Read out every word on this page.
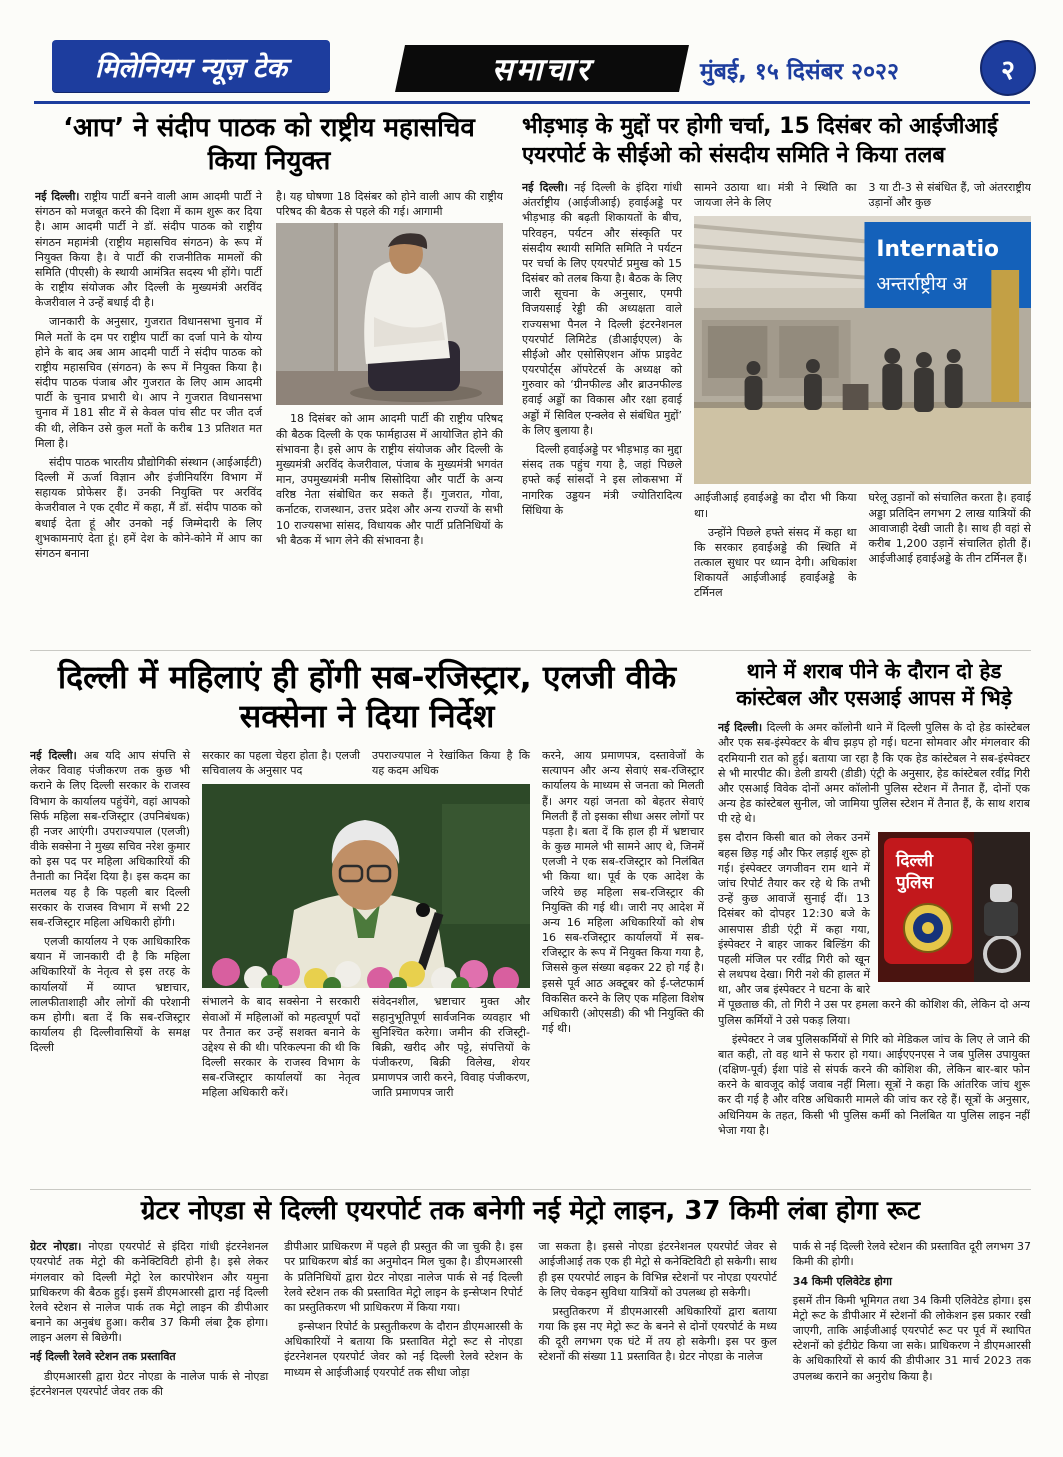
मिलेनियम न्यूज़ टेक	समाचार	मुंबई, १५ दिसंबर २०२२	२
‘आप’ ने संदीप पाठक को राष्ट्रीय महासचिव किया नियुक्त

नई दिल्ली। राष्ट्रीय पार्टी बनने वाली आम आदमी पार्टी ने संगठन को मजबूत करने की दिशा में काम शुरू कर दिया है। आम आदमी पार्टी ने डॉ. संदीप पाठक को राष्ट्रीय संगठन महामंत्री (राष्ट्रीय महासचिव संगठन) के रूप में नियुक्त किया है। वे पार्टी की राजनीतिक मामलों की समिति (पीएसी) के स्थायी आमंत्रित सदस्य भी होंगे। पार्टी के राष्ट्रीय संयोजक और दिल्ली के मुख्यमंत्री अरविंद केजरीवाल ने उन्हें बधाई दी है।

जानकारी के अनुसार, गुजरात विधानसभा चुनाव में मिले मतों के दम पर राष्ट्रीय पार्टी का दर्जा पाने के योग्य होने के बाद अब आम आदमी पार्टी ने संदीप पाठक को राष्ट्रीय महासचिव (संगठन) के रूप में नियुक्त किया है। संदीप पाठक पंजाब और गुजरात के लिए आम आदमी पार्टी के चुनाव प्रभारी थे। आप ने गुजरात विधानसभा चुनाव में 181 सीट में से केवल पांच सीट पर जीत दर्ज की थी, लेकिन उसे कुल मतों के करीब 13 प्रतिशत मत मिला है।

संदीप पाठक भारतीय प्रौद्योगिकी संस्थान (आईआईटी) दिल्ली में ऊर्जा विज्ञान और इंजीनियरिंग विभाग में सहायक प्रोफेसर हैं। उनकी नियुक्ति पर अरविंद केजरीवाल ने एक ट्वीट में कहा, मैं डॉ. संदीप पाठक को बधाई देता हूं और उनको नई जिम्मेदारी के लिए शुभकामनाएं देता हूं। हमें देश के कोने-कोने में आप का संगठन बनाना

है। यह घोषणा 18 दिसंबर को होने वाली आप की राष्ट्रीय परिषद की बैठक से पहले की गई। आगामी

18 दिसंबर को आम आदमी पार्टी की राष्ट्रीय परिषद की बैठक दिल्ली के एक फार्महाउस में आयोजित होने की संभावना है। इसे आप के राष्ट्रीय संयोजक और दिल्ली के मुख्यमंत्री अरविंद केजरीवाल, पंजाब के मुख्यमंत्री भगवंत मान, उपमुख्यमंत्री मनीष सिसोदिया और पार्टी के अन्य वरिष्ठ नेता संबोधित कर सकते हैं। गुजरात, गोवा, कर्नाटक, राजस्थान, उत्तर प्रदेश और अन्य राज्यों के सभी 10 राज्यसभा सांसद, विधायक और पार्टी प्रतिनिधियों के भी बैठक में भाग लेने की संभावना है।

भीड़भाड़ के मुद्दों पर होगी चर्चा, 15 दिसंबर को आईजीआई एयरपोर्ट के सीईओ को संसदीय समिति ने किया तलब

नई दिल्ली। नई दिल्ली के इंदिरा गांधी अंतर्राष्ट्रीय (आईजीआई) हवाईअड्डे पर भीड़भाड़ की बढ़ती शिकायतों के बीच, परिवहन, पर्यटन और संस्कृति पर संसदीय स्थायी समिति समिति ने पर्यटन पर चर्चा के लिए एयरपोर्ट प्रमुख को 15 दिसंबर को तलब किया है। बैठक के लिए जारी सूचना के अनुसार, एमपी विजयसाई रेड्डी की अध्यक्षता वाले राज्यसभा पैनल ने दिल्ली इंटरनेशनल एयरपोर्ट लिमिटेड (डीआईएएल) के सीईओ और एसोसिएशन ऑफ प्राइवेट एयरपोर्ट्स ऑपरेटर्स के अध्यक्ष को गुरुवार को ‘ग्रीनफील्ड और ब्राउनफील्ड हवाई अड्डों का विकास और रक्षा हवाई अड्डों में सिविल एन्क्लेव से संबंधित मुद्दों’ के लिए बुलाया है।

दिल्ली हवाईअड्डे पर भीड़भाड़ का मुद्दा संसद तक पहुंच गया है, जहां पिछले हफ्ते कई सांसदों ने इस लोकसभा में नागरिक उड्डयन मंत्री ज्योतिरादित्य सिंधिया के

सामने उठाया था। मंत्री ने स्थिति का जायजा लेने के लिए

3 या टी-3 से संबंधित हैं, जो अंतरराष्ट्रीय उड़ानों और कुछ

Internatio
अन्तर्राष्ट्रीय अ

आईजीआई हवाईअड्डे का दौरा भी किया था।

उन्होंने पिछले हफ्ते संसद में कहा था कि सरकार हवाईअड्डे की स्थिति में तत्काल सुधार पर ध्यान देगी। अधिकांश शिकायतें आईजीआई हवाईअड्डे के टर्मिनल

घरेलू उड़ानों को संचालित करता है। हवाई अड्डा प्रतिदिन लगभग 2 लाख यात्रियों की आवाजाही देखी जाती है। साथ ही वहां से करीब 1,200 उड़ानें संचालित होती हैं। आईजीआई हवाईअड्डे के तीन टर्मिनल हैं।

दिल्ली में महिलाएं ही होंगी सब-रजिस्ट्रार, एलजी वीके सक्सेना ने दिया निर्देश

नई दिल्ली। अब यदि आप संपत्ति से लेकर विवाह पंजीकरण तक कुछ भी कराने के लिए दिल्ली सरकार के राजस्व विभाग के कार्यालय पहुंचेंगे, वहां आपको सिर्फ महिला सब-रजिस्ट्रार (उपनिबंधक) ही नजर आएंगी। उपराज्यपाल (एलजी) वीके सक्सेना ने मुख्य सचिव नरेश कुमार को इस पद पर महिला अधिकारियों की तैनाती का निर्देश दिया है। इस कदम का मतलब यह है कि पहली बार दिल्ली सरकार के राजस्व विभाग में सभी 22 सब-रजिस्ट्रार महिला अधिकारी होंगी।

एलजी कार्यालय ने एक आधिकारिक बयान में जानकारी दी है कि महिला अधिकारियों के नेतृत्व से इस तरह के कार्यालयों में व्याप्त भ्रष्टाचार, लालफीताशाही और लोगों की परेशानी कम होगी। बता दें कि सब-रजिस्ट्रार कार्यालय ही दिल्लीवासियों के समक्ष दिल्ली

सरकार का पहला चेहरा होता है। एलजी सचिवालय के अनुसार पद

उपराज्यपाल ने रेखांकित किया है कि यह कदम अधिक

संभालने के बाद सक्सेना ने सरकारी सेवाओं में महिलाओं को महत्वपूर्ण पदों पर तैनात कर उन्हें सशक्त बनाने के उद्देश्य से की थी। परिकल्पना की थी कि दिल्ली सरकार के राजस्व विभाग के सब-रजिस्ट्रार कार्यालयों का नेतृत्व महिला अधिकारी करें।

संवेदनशील, भ्रष्टाचार मुक्त और सहानुभूतिपूर्ण सार्वजनिक व्यवहार भी सुनिश्चित करेगा। जमीन की रजिस्ट्री-बिक्री, खरीद और पट्टे, संपत्तियों के पंजीकरण, बिक्री विलेख, शेयर प्रमाणपत्र जारी करने, विवाह पंजीकरण, जाति प्रमाणपत्र जारी

करने, आय प्रमाणपत्र, दस्तावेजों के सत्यापन और अन्य सेवाएं सब-रजिस्ट्रार कार्यालय के माध्यम से जनता को मिलती हैं। अगर यहां जनता को बेहतर सेवाएं मिलती हैं तो इसका सीधा असर लोगों पर पड़ता है। बता दें कि हाल ही में भ्रष्टाचार के कुछ मामले भी सामने आए थे, जिनमें एलजी ने एक सब-रजिस्ट्रार को निलंबित भी किया था। पूर्व के एक आदेश के जरिये छह महिला सब-रजिस्ट्रार की नियुक्ति की गई थी। जारी नए आदेश में अन्य 16 महिला अधिकारियों को शेष 16 सब-रजिस्ट्रार कार्यालयों में सब-रजिस्ट्रार के रूप में नियुक्त किया गया है, जिससे कुल संख्या बढ़कर 22 हो गई है। इससे पूर्व आठ अक्टूबर को ई-प्लेटफार्म विकसित करने के लिए एक महिला विशेष अधिकारी (ओएसडी) की भी नियुक्ति की गई थी।

थाने में शराब पीने के दौरान दो हेड कांस्टेबल और एसआई आपस में भिड़े

नई दिल्ली। दिल्ली के अमर कॉलोनी थाने में दिल्ली पुलिस के दो हेड कांस्टेबल और एक सब-इंस्पेक्टर के बीच झड़प हो गई। घटना सोमवार और मंगलवार की दरमियानी रात को हुई। बताया जा रहा है कि एक हेड कांस्टेबल ने सब-इंस्पेक्टर से भी मारपीट की। डेली डायरी (डीडी) एंट्री के अनुसार, हेड कांस्टेबल रवींद्र गिरी और एसआई विवेक दोनों अमर कॉलोनी पुलिस स्टेशन में तैनात हैं, दोनों एक अन्य हेड कांस्टेबल सुनील, जो जामिया पुलिस स्टेशन में तैनात हैं, के साथ शराब पी रहे थे।

दिल्ली
पुलिस

इस दौरान किसी बात को लेकर उनमें बहस छिड़ गई और फिर लड़ाई शुरू हो गई। इंस्पेक्टर जगजीवन राम थाने में जांच रिपोर्ट तैयार कर रहे थे कि तभी उन्हें कुछ आवाजें सुनाई दीं। 13 दिसंबर को दोपहर 12:30 बजे के आसपास डीडी एंट्री में कहा गया, इंस्पेक्टर ने बाहर जाकर बिल्डिंग की पहली मंजिल पर रवींद्र गिरी को खून से लथपथ देखा। गिरी नशे की हालत में था, और जब इंस्पेक्टर ने घटना के बारे में पूछताछ की, तो गिरी ने उस पर हमला करने की कोशिश की, लेकिन दो अन्य पुलिस कर्मियों ने उसे पकड़ लिया।

इंस्पेक्टर ने जब पुलिसकर्मियों से गिरि को मेडिकल जांच के लिए ले जाने की बात कही, तो वह थाने से फरार हो गया। आईएएनएस ने जब पुलिस उपायुक्त (दक्षिण-पूर्व) ईशा पांडे से संपर्क करने की कोशिश की, लेकिन बार-बार फोन करने के बावजूद कोई जवाब नहीं मिला। सूत्रों ने कहा कि आंतरिक जांच शुरू कर दी गई है और वरिष्ठ अधिकारी मामले की जांच कर रहे हैं। सूत्रों के अनुसार, अधिनियम के तहत, किसी भी पुलिस कर्मी को निलंबित या पुलिस लाइन नहीं भेजा गया है।

ग्रेटर नोएडा से दिल्ली एयरपोर्ट तक बनेगी नई मेट्रो लाइन, 37 किमी लंबा होगा रूट

ग्रेटर नोएडा। नोएडा एयरपोर्ट से इंदिरा गांधी इंटरनेशनल एयरपोर्ट तक मेट्रो की कनेक्टिविटी होनी है। इसे लेकर मंगलवार को दिल्ली मेट्रो रेल कारपोरेशन और यमुना प्राधिकरण की बैठक हुई। इसमें डीएमआरसी द्वारा नई दिल्ली रेलवे स्टेशन से नालेज पार्क तक मेट्रो लाइन की डीपीआर बनाने का अनुबंध हुआ। करीब 37 किमी लंबा ट्रैक होगा। लाइन अलग से बिछेगी।

नई दिल्ली रेलवे स्टेशन तक प्रस्तावित

डीएमआरसी द्वारा ग्रेटर नोएडा के नालेज पार्क से नोएडा इंटरनेशनल एयरपोर्ट जेवर तक की

डीपीआर प्राधिकरण में पहले ही प्रस्तुत की जा चुकी है। इस पर प्राधिकरण बोर्ड का अनुमोदन मिल चुका है। डीएमआरसी के प्रतिनिधियों द्वारा ग्रेटर नोएडा नालेज पार्क से नई दिल्ली रेलवे स्टेशन तक की प्रस्तावित मेट्रो लाइन के इन्सेप्शन रिपोर्ट का प्रस्तुतिकरण भी प्राधिकरण में किया गया।

इन्सेप्शन रिपोर्ट के प्रस्तुतीकरण के दौरान डीएमआरसी के अधिकारियों ने बताया कि प्रस्तावित मेट्रो रूट से नोएडा इंटरनेशनल एयरपोर्ट जेवर को नई दिल्ली रेलवे स्टेशन के माध्यम से आईजीआई एयरपोर्ट तक सीधा जोड़ा

जा सकता है। इससे नोएडा इंटरनेशनल एयरपोर्ट जेवर से आईजीआई तक एक ही मेट्रो से कनेक्टिविटी हो सकेगी। साथ ही इस एयरपोर्ट लाइन के विभिन्न स्टेशनों पर नोएडा एयरपोर्ट के लिए चेकइन सुविधा यात्रियों को उपलब्ध हो सकेगी।

प्रस्तुतिकरण में डीएमआरसी अधिकारियों द्वारा बताया गया कि इस नए मेट्रो रूट के बनने से दोनों एयरपोर्ट के मध्य की दूरी लगभग एक घंटे में तय हो सकेगी। इस पर कुल स्टेशनों की संख्या 11 प्रस्तावित है। ग्रेटर नोएडा के नालेज

पार्क से नई दिल्ली रेलवे स्टेशन की प्रस्तावित दूरी लगभग 37 किमी की होगी।

34 किमी एलिवेटेड होगा

इसमें तीन किमी भूमिगत तथा 34 किमी एलिवेटेड होगा। इस मेट्रो रूट के डीपीआर में स्टेशनों की लोकेशन इस प्रकार रखी जाएगी, ताकि आईजीआई एयरपोर्ट रूट पर पूर्व में स्थापित स्टेशनों को इंटीग्रेट किया जा सके। प्राधिकरण ने डीएमआरसी के अधिकारियों से कार्य की डीपीआर 31 मार्च 2023 तक उपलब्ध कराने का अनुरोध किया है।
